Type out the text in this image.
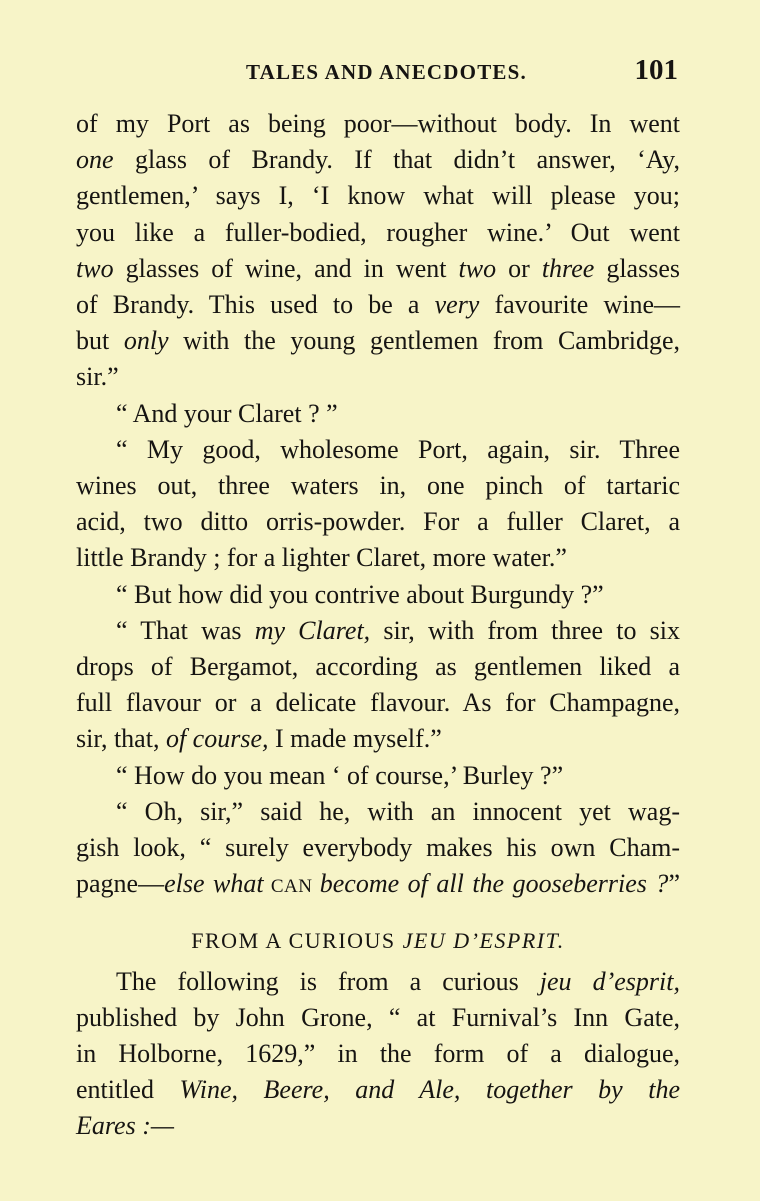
TALES AND ANECDOTES.	101
of my Port as being poor—without body. In went
one glass of Brandy. If that didn’t answer, ‘Ay,
gentlemen,’ says I, ‘I know what will please you;
you like a fuller-bodied, rougher wine.’ Out went
two glasses of wine, and in went two or three glasses
of Brandy. This used to be a very favourite wine—
but only with the young gentlemen from Cambridge,
sir.”
“ And your Claret ? ”
“ My good, wholesome Port, again, sir. Three
wines out, three waters in, one pinch of tartaric
acid, two ditto orris-powder. For a fuller Claret, a
little Brandy ; for a lighter Claret, more water.”
“ But how did you contrive about Burgundy ?”
“ That was my Claret, sir, with from three to six
drops of Bergamot, according as gentlemen liked a
full flavour or a delicate flavour. As for Champagne,
sir, that, of course, I made myself.”
“ How do you mean ‘ of course,’ Burley ?”
“ Oh, sir,” said he, with an innocent yet wag-
gish look, “ surely everybody makes his own Cham-
pagne—else what CAN become of all the gooseberries ?”
FROM A CURIOUS JEU D’ESPRIT.
The following is from a curious jeu d’esprit,
published by John Grone, “ at Furnival’s Inn Gate,
in Holborne, 1629,” in the form of a dialogue,
entitled Wine, Beere, and Ale, together by the
Eares :—
